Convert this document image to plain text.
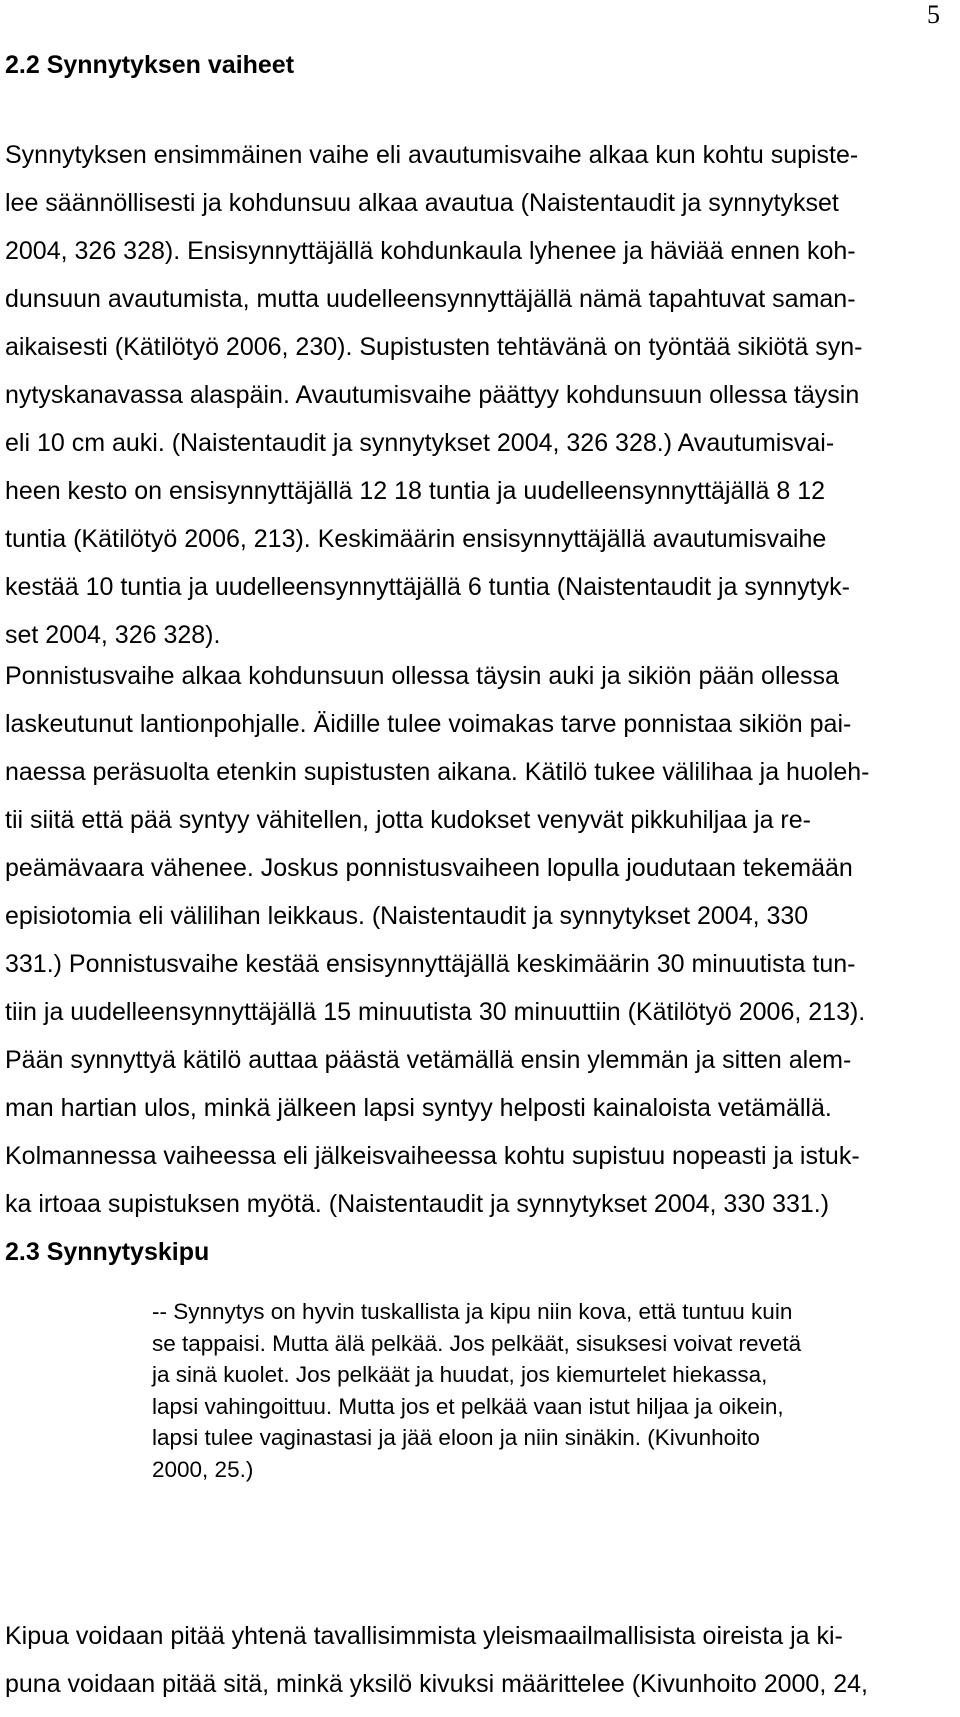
5
2.2 Synnytyksen vaiheet
Synnytyksen ensimmäinen vaihe eli avautumisvaihe alkaa kun kohtu supiste-
lee säännöllisesti ja kohdunsuu alkaa avautua (Naistentaudit ja synnytykset
2004, 326 328). Ensisynnyttäjällä kohdunkaula lyhenee ja häviää ennen koh-
dunsuun avautumista, mutta uudelleensynnyttäjällä nämä tapahtuvat saman-
aikaisesti (Kätilötyö 2006, 230). Supistusten tehtävänä on työntää sikiötä syn-
nytyskanavassa alaspäin. Avautumisvaihe päättyy kohdunsuun ollessa täysin
eli 10 cm auki. (Naistentaudit ja synnytykset 2004, 326 328.) Avautumisvai-
heen kesto on ensisynnyttäjällä 12 18 tuntia ja uudelleensynnyttäjällä 8 12
tuntia (Kätilötyö 2006, 213). Keskimäärin ensisynnyttäjällä avautumisvaihe
kestää 10 tuntia ja uudelleensynnyttäjällä 6 tuntia (Naistentaudit ja synnytyk-
set 2004, 326 328).
Ponnistusvaihe alkaa kohdunsuun ollessa täysin auki ja sikiön pään ollessa
laskeutunut lantionpohjalle. Äidille tulee voimakas tarve ponnistaa sikiön pai-
naessa peräsuolta etenkin supistusten aikana. Kätilö tukee välilihaa ja huoleh-
tii siitä että pää syntyy vähitellen, jotta kudokset venyvät pikkuhiljaa ja re-
peämävaara vähenee. Joskus ponnistusvaiheen lopulla joudutaan tekemään
episiotomia eli välilihan leikkaus. (Naistentaudit ja synnytykset 2004, 330
331.) Ponnistusvaihe kestää ensisynnyttäjällä keskimäärin 30 minuutista tun-
tiin ja uudelleensynnyttäjällä 15 minuutista 30 minuuttiin (Kätilötyö 2006, 213).
Pään synnyttyä kätilö auttaa päästä vetämällä ensin ylemmän ja sitten alem-
man hartian ulos, minkä jälkeen lapsi syntyy helposti kainaloista vetämällä.
Kolmannessa vaiheessa eli jälkeisvaiheessa kohtu supistuu nopeasti ja istuk-
ka irtoaa supistuksen myötä. (Naistentaudit ja synnytykset 2004, 330 331.)
2.3 Synnytyskipu
-- Synnytys on hyvin tuskallista ja kipu niin kova, että tuntuu kuin
se tappaisi. Mutta älä pelkää. Jos pelkäät, sisuksesi voivat revetä
ja sinä kuolet. Jos pelkäät ja huudat, jos kiemurtelet hiekassa,
lapsi vahingoittuu. Mutta jos et pelkää vaan istut hiljaa ja oikein,
lapsi tulee vaginastasi ja jää eloon ja niin sinäkin. (Kivunhoito
2000, 25.)
Kipua voidaan pitää yhtenä tavallisimmista yleismaailmallisista oireista ja ki-
puna voidaan pitää sitä, minkä yksilö kivuksi määrittelee (Kivunhoito 2000, 24,
